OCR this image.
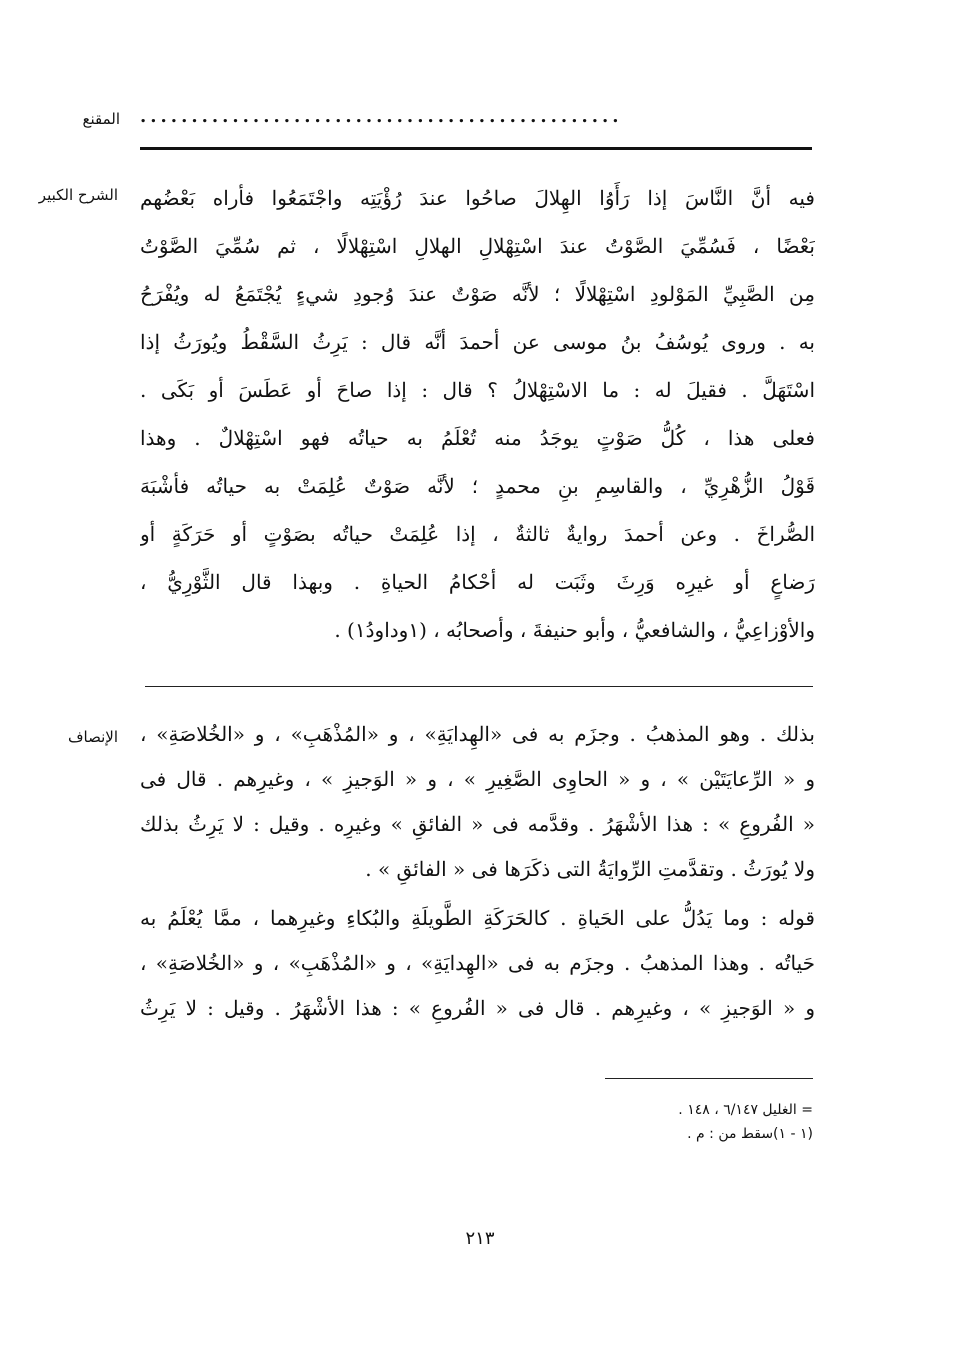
المقنع ...............................................
الشرح الكبير فيه أنَّ النَّاسَ إذا رَأَوُا الهِلالَ صاحُوا عندَ رُؤْيَتِه واجْتَمَعُوا فأراه بَعْضُهم
بَعْضًا ، فَسُمِّيَ الصَّوْتُ عندَ اسْتِهْلالِ الهلالِ اسْتِهْلالًا ، ثم سُمِّيَ الصَّوْتُ
مِن الصَّبِيِّ المَوْلودِ اسْتِهْلالًا ؛ لأنَّه صَوْتٌ عندَ وُجودِ شيءٍ يُجْتَمَعُ له ويُفْرَحُ
به . وروى يُوسُفُ بنُ موسى عن أحمدَ أنَّه قال : يَرِثُ السَّقْطُ ويُورَثُ إذا
اسْتَهَلَّ . فقيلَ له : ما الاسْتِهْلالُ ؟ قال : إذا صاحَ أو عَطَسَ أو بَكَى .
فعلى هذا ، كُلُّ صَوْتٍ يوجَدُ منه تُعْلَمُ به حياتُه فهو اسْتِهْلالٌ . وهذا
قَوْلُ الزُّهْرِيِّ ، والقاسِمِ بنِ محمدٍ ؛ لأنَّه صَوْتٌ عُلِمَتْ به حياتُه فأشْبَهَ
الصُّراخَ . وعن أحمدَ روايةٌ ثالثةٌ ، إذا عُلِمَتْ حياتُه بصَوْتٍ أو حَرَكَةٍ أو
رَضاعٍ أو غيرِه وَرِثَ وثَبَت له أحْكامُ الحياةِ . وبهذا قال الثَّوْرِيُّ ،
والأوْزاعِيُّ ، والشافعيُّ ، وأبو حنيفةَ ، وأصحابُه ، (١وداودُ١) .
الإنصاف بذلك . وهو المذهبُ . وجزَم به فى «الهِدايَةِ» ، و «المُذْهَبِ» ، و «الخُلاصَةِ» ،
و « الرِّعايَتَيْن » ، و « الحاوِى الصَّغِيرِ » ، و « الوَجيزِ » ، وغيرِهم . قال فى
« الفُروعِ » : هذا الأشْهَرُ . وقدَّمه فى « الفائقِ » وغيرِه . وقيل : لا يَرِثُ بذلك
ولا يُورَثُ . وتقدَّمتِ الرِّوايَةُ التى ذكَرَها فى « الفائقِ » .
قوله : وما يَدُلُّ على الحَياةِ . كالحَرَكَةِ الطَّويلَةِ والبُكاءِ وغيرِهما ، ممَّا يُعْلَمُ به
حَياتُه . وهذا المذهبُ . وجزَم به فى «الهِدايَةِ» ، و «المُذْهَبِ» ، و «الخُلاصَةِ» ،
و « الوَجيزِ » ، وغيرِهم . قال فى « الفُروعِ » : هذا الأشْهَرُ . وقيل : لا يَرِثُ
= الغليل ٦/١٤٧ ، ١٤٨ .
(١ - ١)سقط من : م .
٢١٣
